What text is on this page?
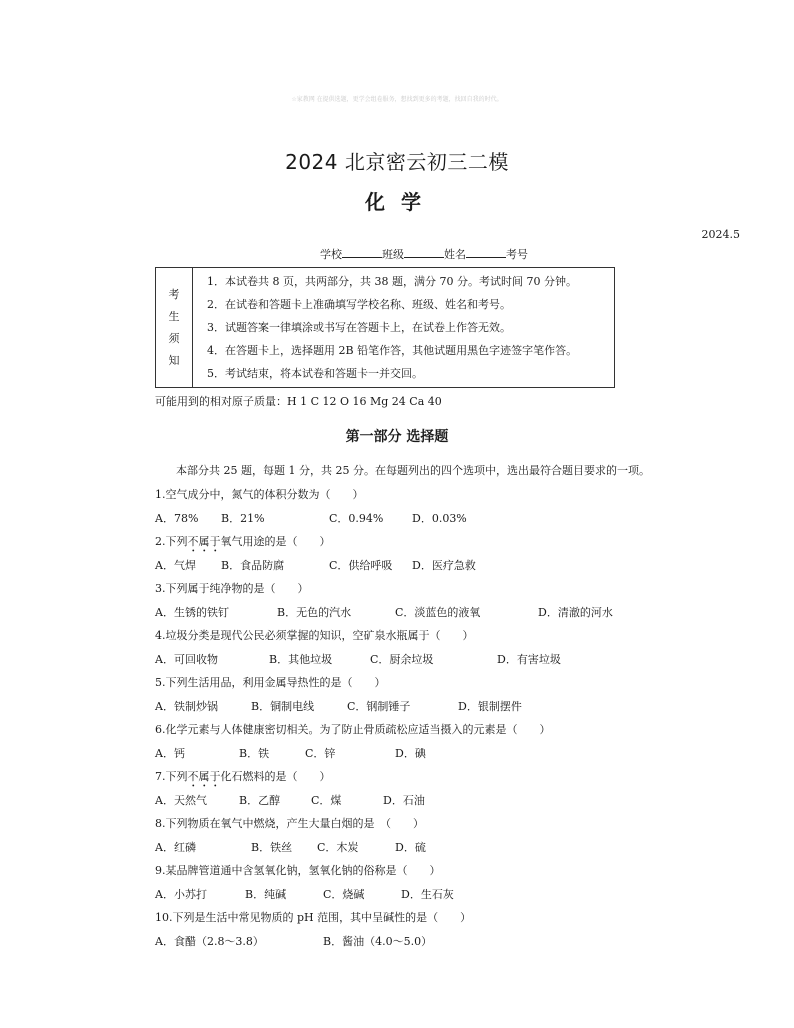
☆家教网 在提供选题，更学会组卷服务，想找到更多的考题，找回自我的时代。
2024 北京密云初三二模
化学
2024.5
学校	班级	姓名	考号
考
生
须
知

1．本试卷共 8 页，共两部分，共 38 题，满分 70 分。考试时间 70 分钟。
2．在试卷和答题卡上准确填写学校名称、班级、姓名和考号。
3．试题答案一律填涂或书写在答题卡上，在试卷上作答无效。
4．在答题卡上，选择题用 2B 铅笔作答，其他试题用黑色字迹签字笔作答。
5．考试结束，将本试卷和答题卡一并交回。
可能用到的相对原子质量：H 1 C 12 O 16 Mg 24 Ca 40
第一部分 选择题
本部分共 25 题，每题 1 分，共 25 分。在每题列出的四个选项中，选出最符合题目要求的一项。
1.空气成分中，氮气的体积分数为（　　）
A．78% B．21%	C．0.94%	D．0.03%
2.下列不属于氧气用途的是（　　）
A．气焊 B．食品防腐	C．供给呼吸 D．医疗急救
3.下列属于纯净物的是（　　）
A．生锈的铁钉	B．无色的汽水	C．淡蓝色的液氧	D．清澈的河水
4.垃圾分类是现代公民必须掌握的知识，空矿泉水瓶属于（　　）
A．可回收物	B．其他垃圾	C．厨余垃圾	D．有害垃圾
5.下列生活用品，利用金属导热性的是（　　）
A．铁制炒锅	B．铜制电线	C．钢制锤子	D．银制摆件
6.化学元素与人体健康密切相关。为了防止骨质疏松应适当摄入的元素是（　　）
A．钙	B．铁	C．锌	D．碘
7.下列不属于化石燃料的是（　　）
A．天然气	B．乙醇	C．煤	D．石油
8.下列物质在氧气中燃烧，产生大量白烟的是　（　　）
A．红磷	B．铁丝 C．木炭	D．硫
9.某品牌管道通中含氢氧化钠，氢氧化钠的俗称是（　　）
A．小苏打	B．纯碱	C．烧碱	D．生石灰
10.下列是生活中常见物质的 pH 范围，其中呈碱性的是（　　）
A．食醋（2.8～3.8）	B．酱油（4.0～5.0）
